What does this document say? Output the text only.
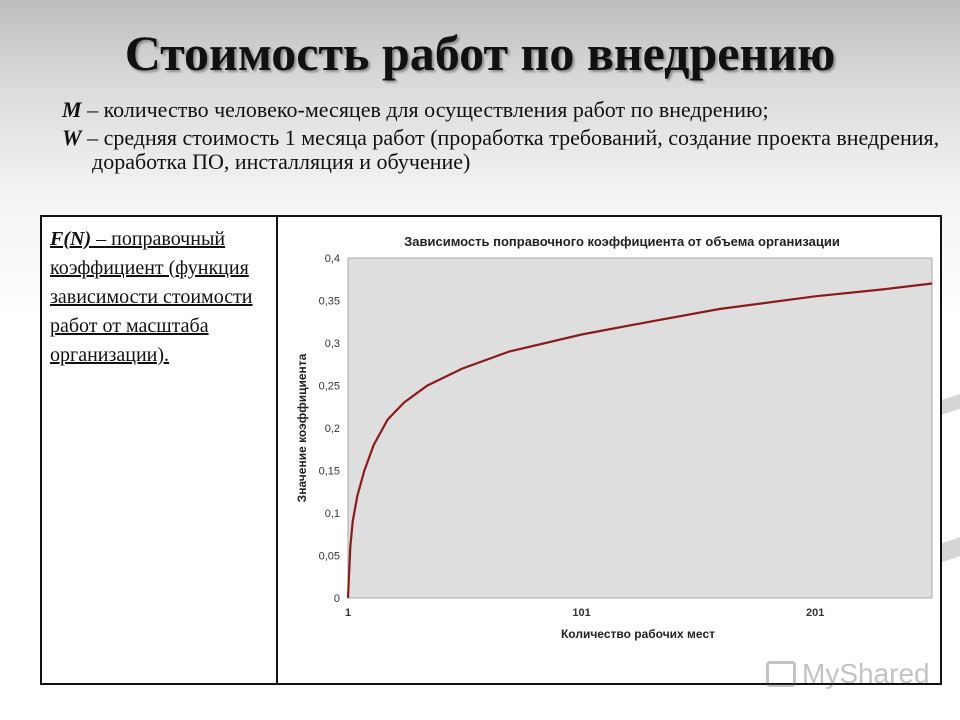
Стоимость работ по внедрению

M – количество человеко-месяцев для осуществления работ по внедрению;

W – средняя стоимость 1 месяца работ (проработка требований, создание проекта внедрения, доработка ПО, инсталляция и обучение)

F(N) – поправочный коэффициент (функция зависимости стоимости работ от масштаба организации).
Зависимость поправочного коэффициента от объема организации
0
0,05
0,1
0,15
0,2
0,25
0,3
0,35
0,4
1	101	201
Количество рабочих мест
Значение коэффициента
MyShared
